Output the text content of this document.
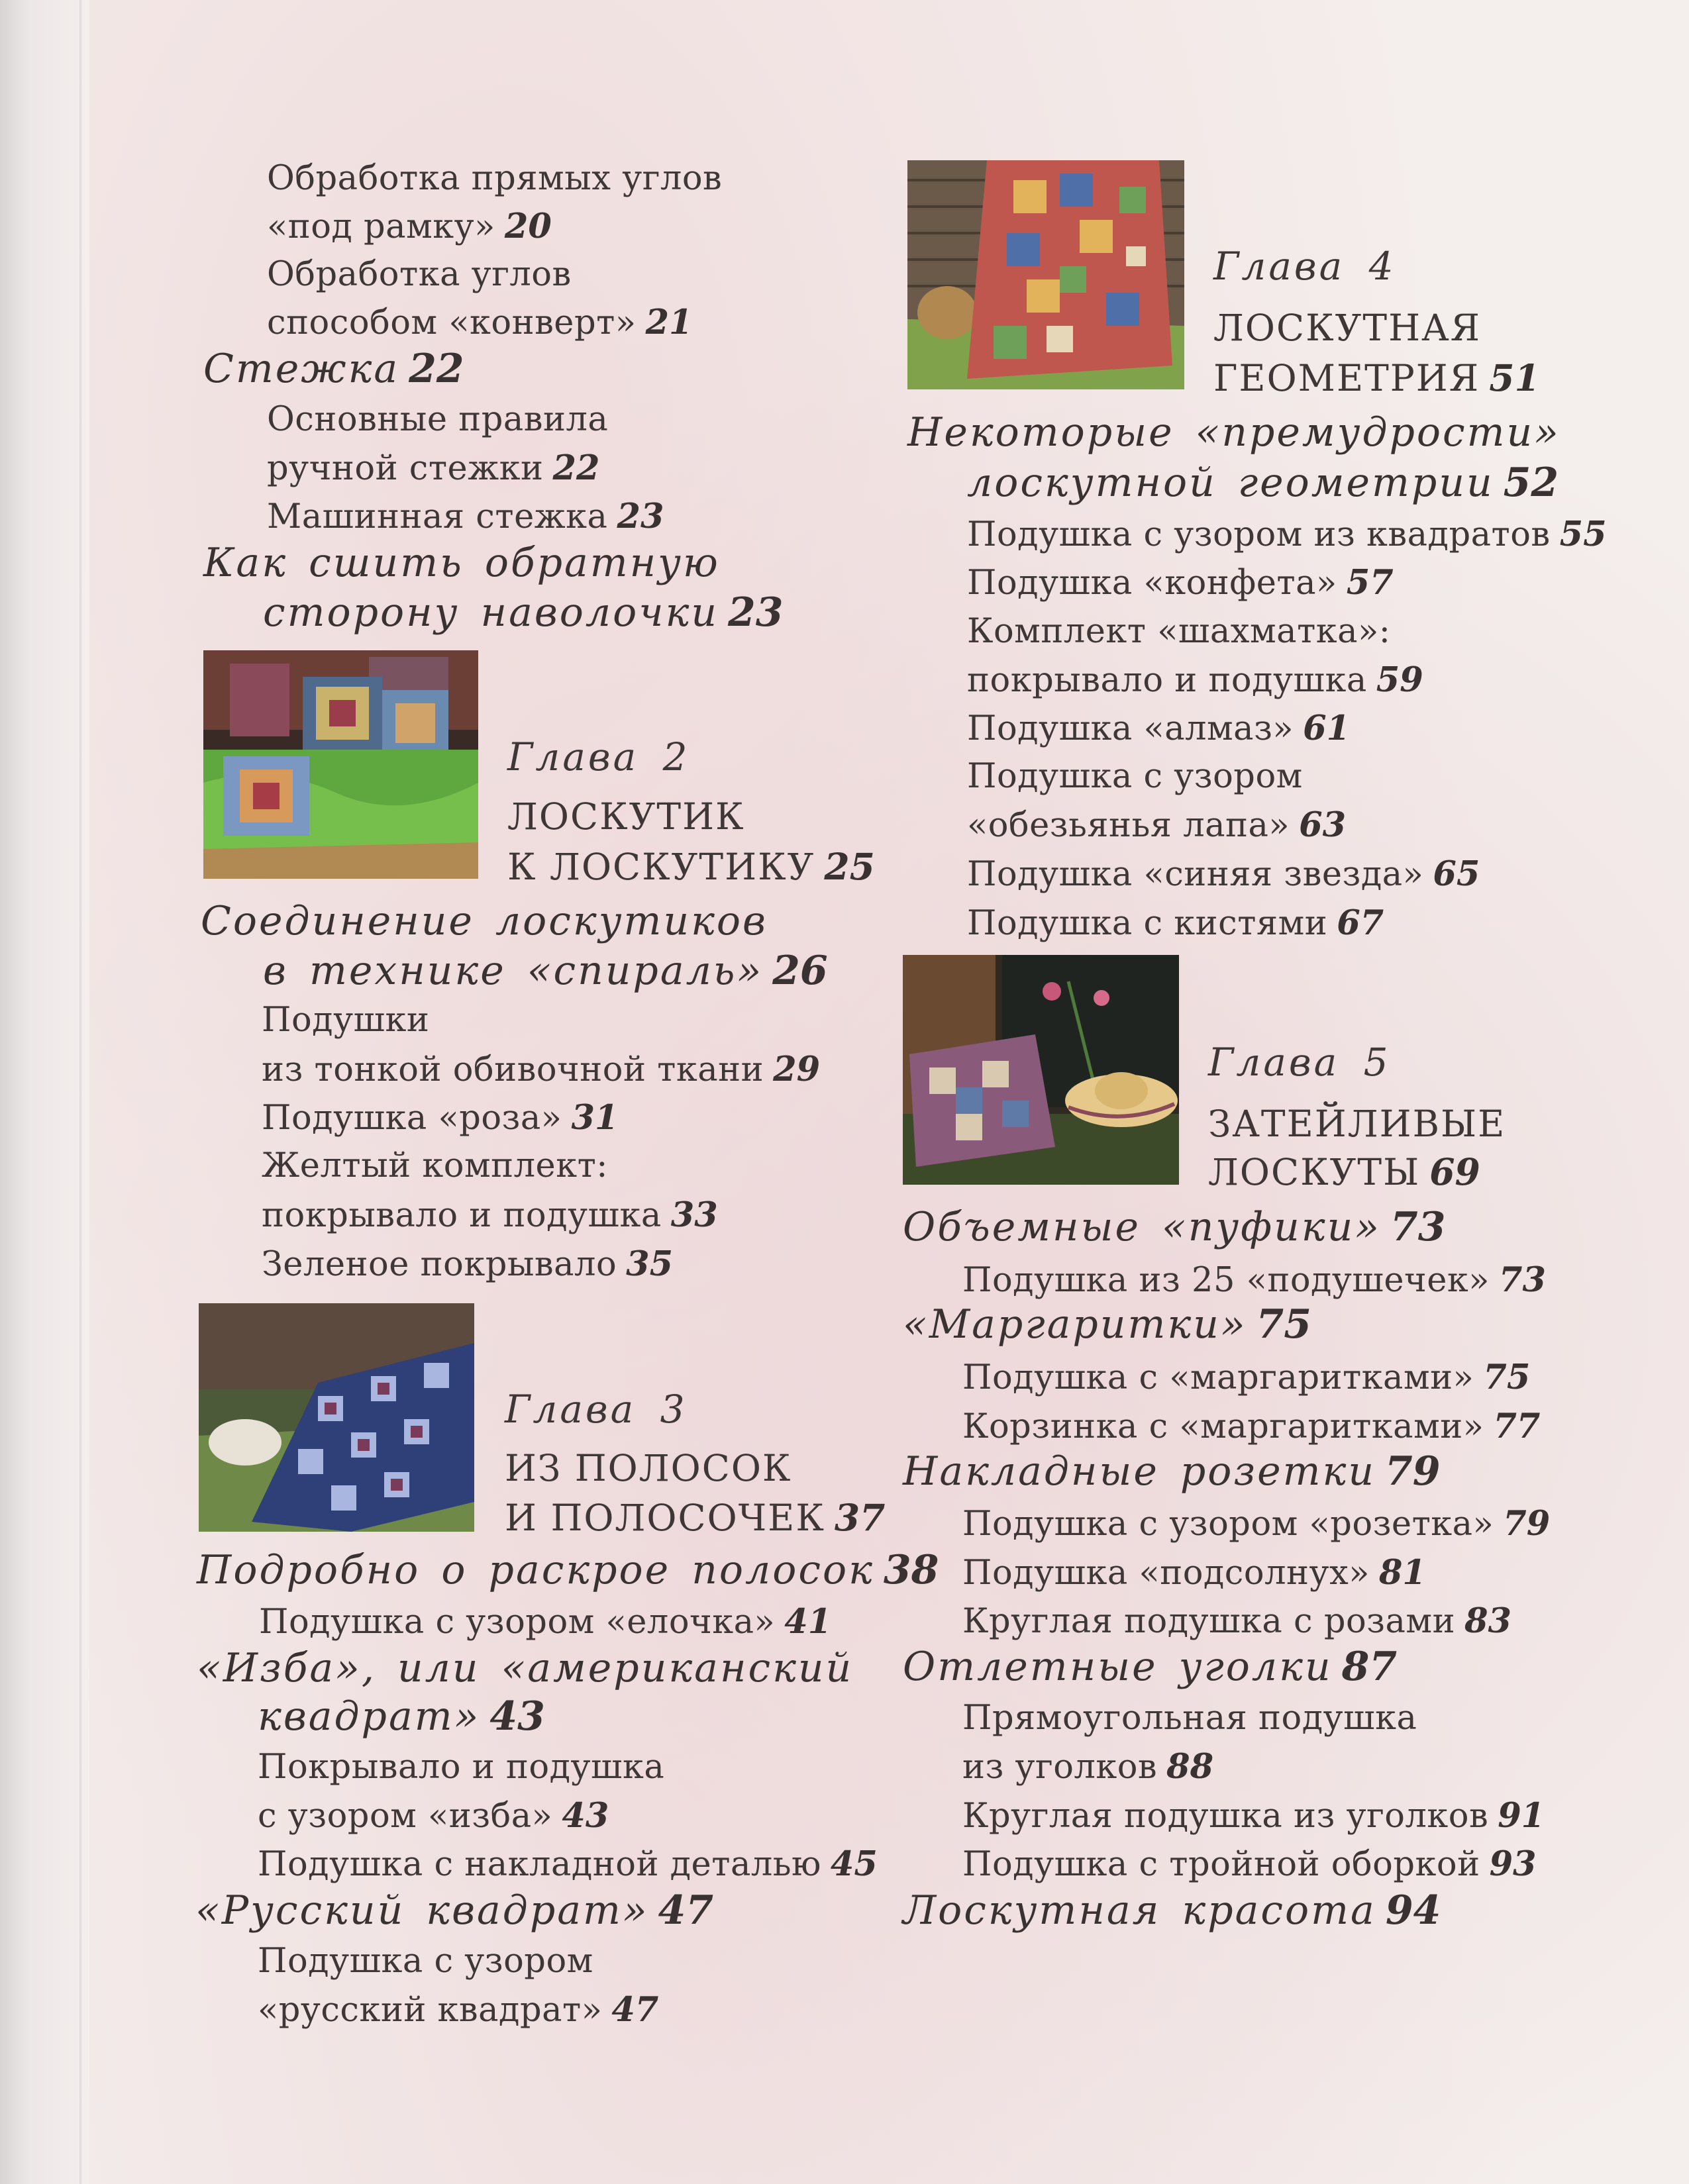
Обработка прямых углов
«под рамку» 20
Обработка углов
способом «конверт» 21
Стежка 22
Основные правила
ручной стежки 22
Машинная стежка 23
Как сшить обратную
сторону наволочки 23
Глава 2
ЛОСКУТИК
К ЛОСКУТИКУ 25
Соединение лоскутиков
в технике «спираль» 26
Подушки
из тонкой обивочной ткани 29
Подушка «роза» 31
Желтый комплект:
покрывало и подушка 33
Зеленое покрывало 35
Глава 3
ИЗ ПОЛОСОК
И ПОЛОСОЧЕК 37
Подробно о раскрое полосок 38
Подушка с узором «елочка» 41
«Изба», или «американский
квадрат» 43
Покрывало и подушка
с узором «изба» 43
Подушка с накладной деталью 45
«Русский квадрат» 47
Подушка с узором
«русский квадрат» 47
Глава 4
ЛОСКУТНАЯ
ГЕОМЕТРИЯ 51
Некоторые «премудрости»
лоскутной геометрии 52
Подушка с узором из квадратов 55
Подушка «конфета» 57
Комплект «шахматка»:
покрывало и подушка 59
Подушка «алмаз» 61
Подушка с узором
«обезьянья лапа» 63
Подушка «синяя звезда» 65
Подушка с кистями 67
Глава 5
ЗАТЕЙЛИВЫЕ
ЛОСКУТЫ 69
Объемные «пуфики» 73
Подушка из 25 «подушечек» 73
«Маргаритки» 75
Подушка с «маргаритками» 75
Корзинка с «маргаритками» 77
Накладные розетки 79
Подушка с узором «розетка» 79
Подушка «подсолнух» 81
Круглая подушка с розами 83
Отлетные уголки 87
Прямоугольная подушка
из уголков 88
Круглая подушка из уголков 91
Подушка с тройной оборкой 93
Лоскутная красота 94
